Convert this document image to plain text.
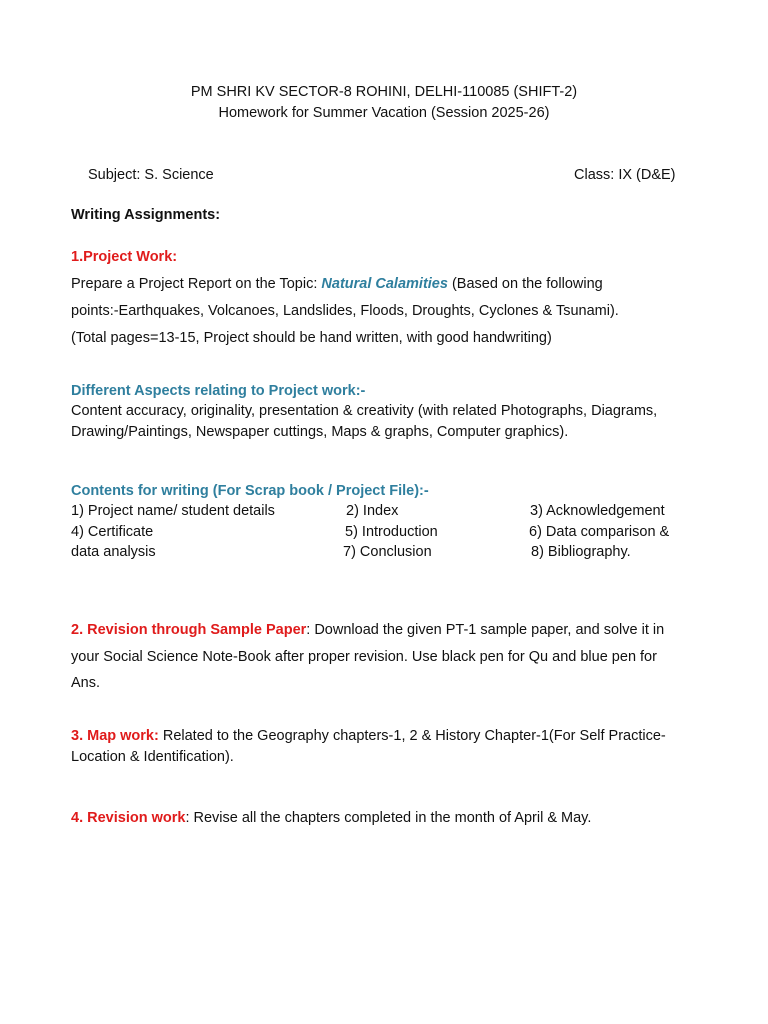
PM SHRI KV SECTOR-8 ROHINI, DELHI-110085 (SHIFT-2)
Homework for Summer Vacation (Session 2025-26)
Subject: S. Science	Class: IX (D&E)
Writing Assignments:
1.Project Work:
Prepare a Project Report on the Topic: Natural Calamities (Based on the following
points:-Earthquakes, Volcanoes, Landslides, Floods, Droughts, Cyclones & Tsunami).
(Total pages=13-15, Project should be hand written, with good handwriting)
Different Aspects relating to Project work:-
Content accuracy, originality, presentation & creativity (with related Photographs, Diagrams,
Drawing/Paintings, Newspaper cuttings, Maps & graphs, Computer graphics).
Contents for writing (For Scrap book / Project File):-
1) Project name/ student details	2) Index	3) Acknowledgement
4) Certificate	5) Introduction	6) Data comparison &
data analysis	7) Conclusion	8) Bibliography.
2. Revision through Sample Paper: Download the given PT-1 sample paper, and solve it in
your Social Science Note-Book after proper revision. Use black pen for Qu and blue pen for
Ans.
3. Map work: Related to the Geography chapters-1, 2 & History Chapter-1(For Self Practice-
Location & Identification).
4. Revision work: Revise all the chapters completed in the month of April & May.
